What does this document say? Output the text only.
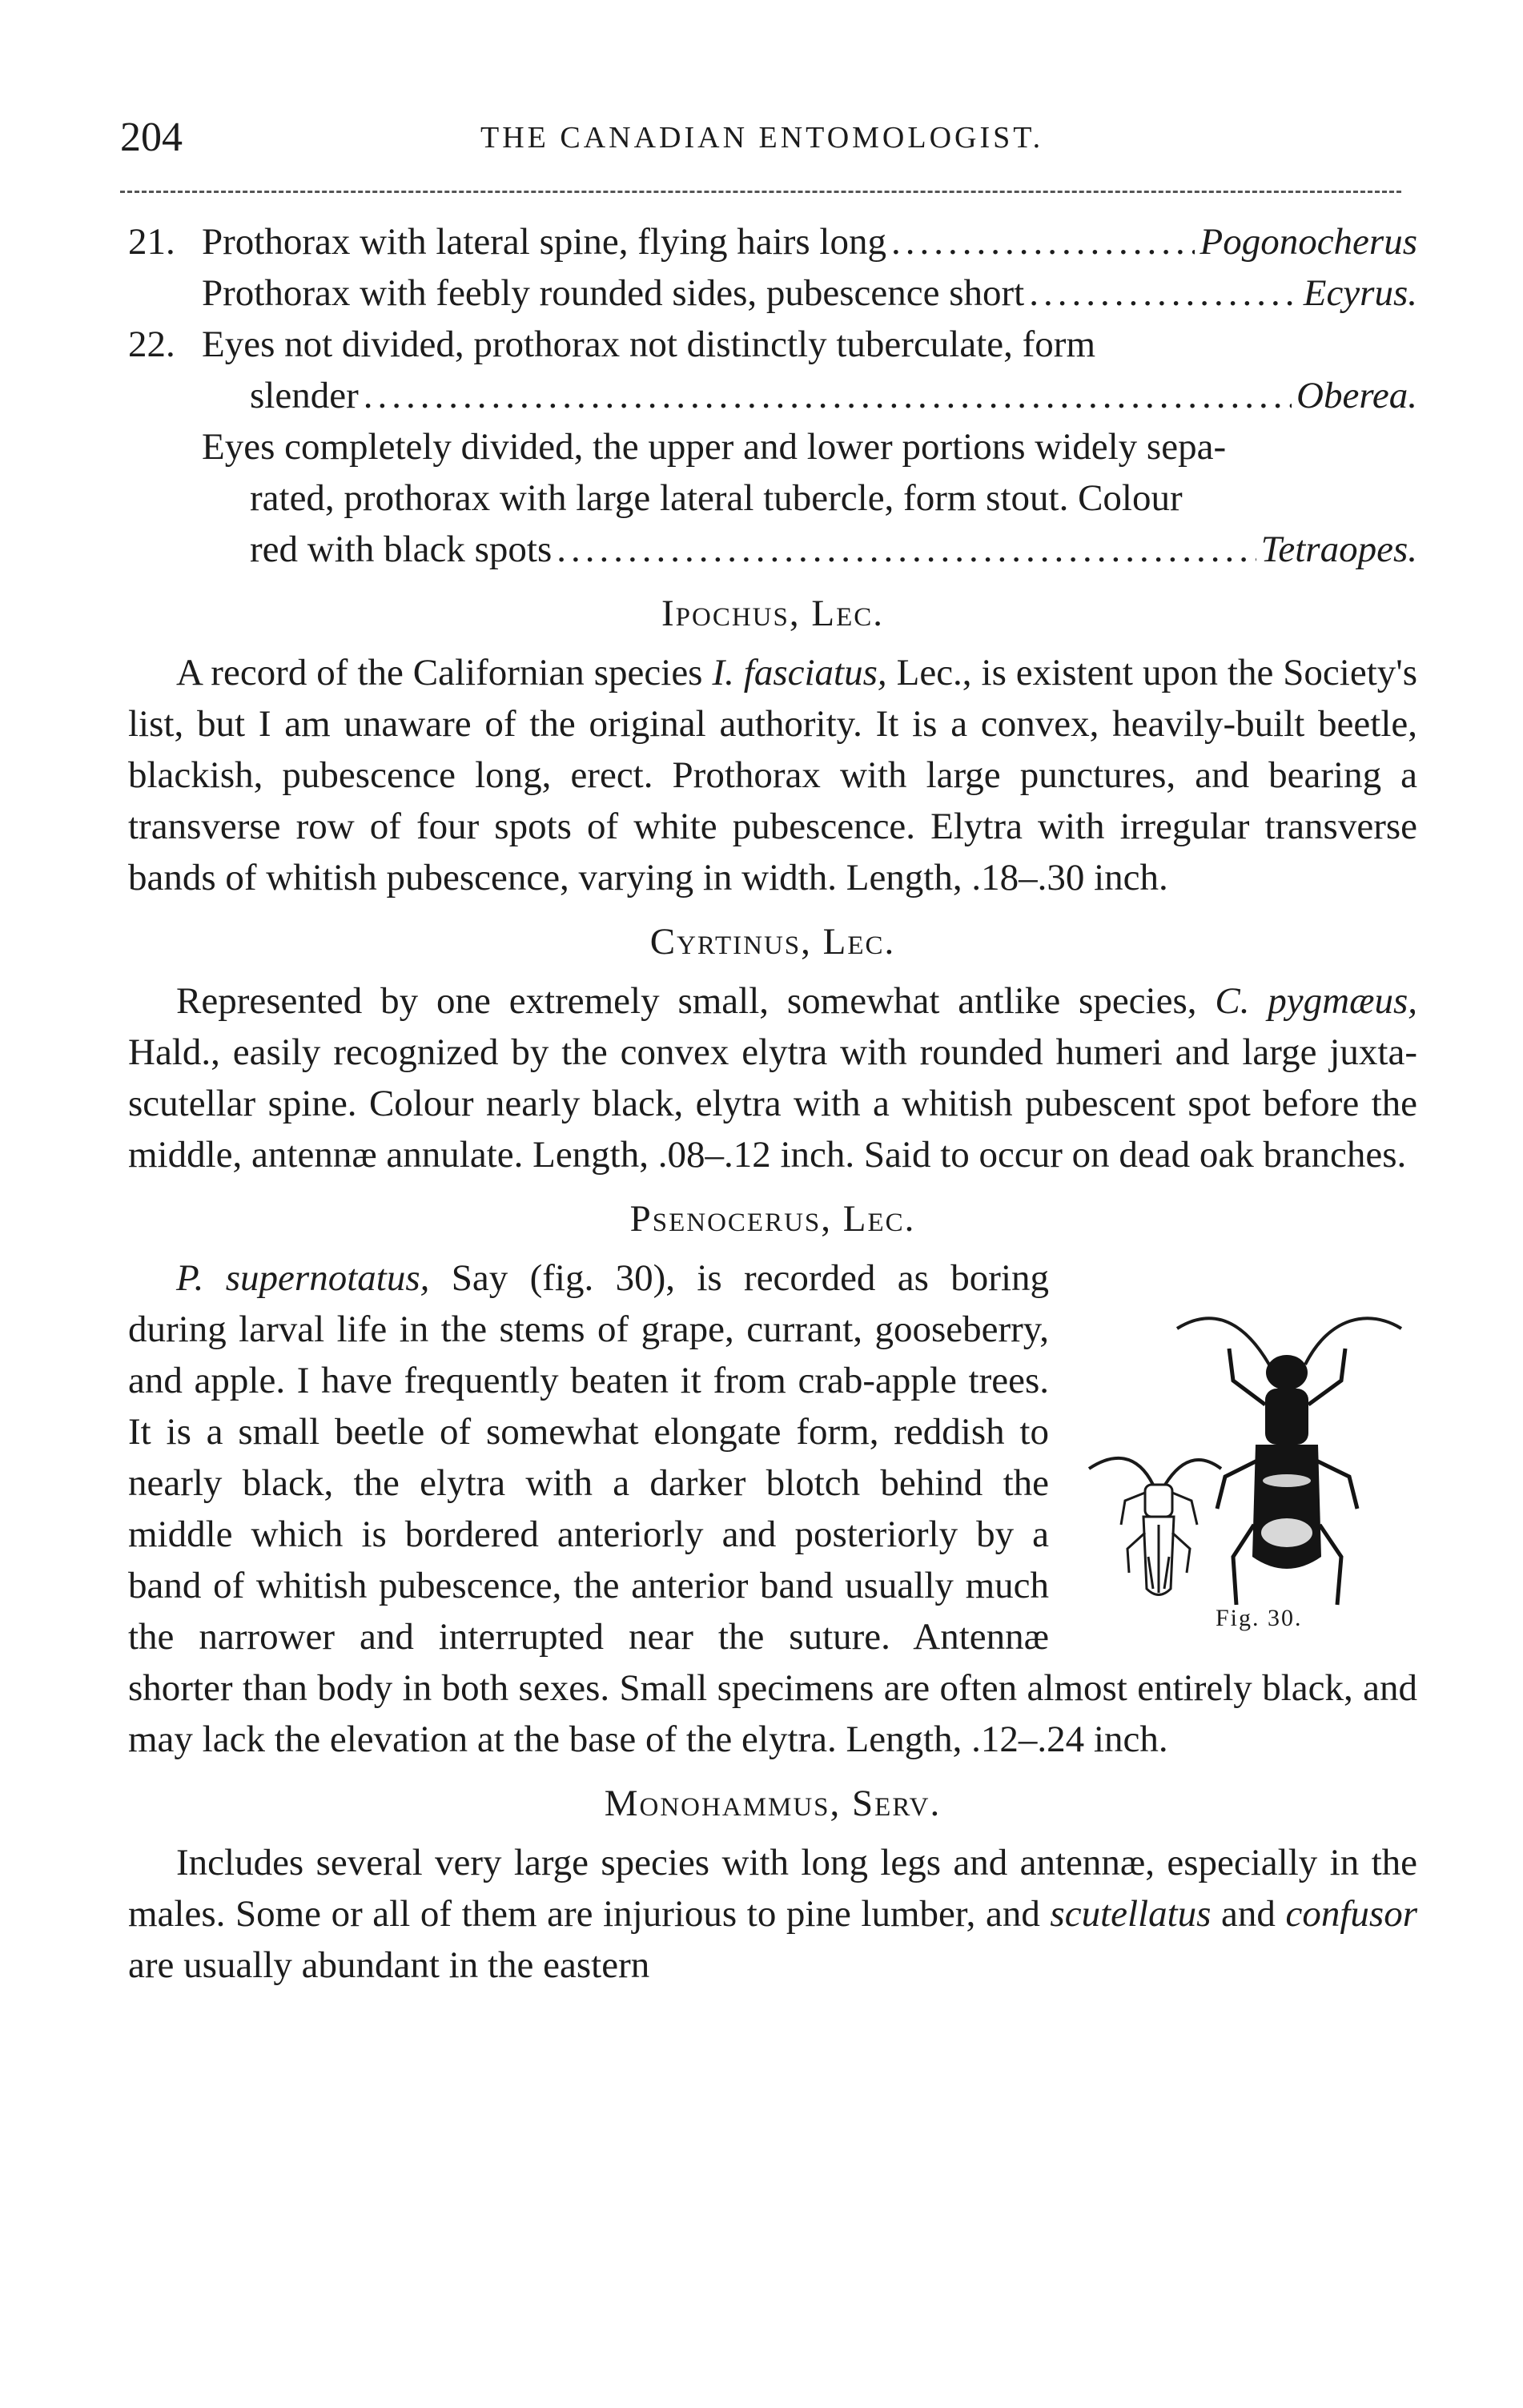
204	THE CANADIAN ENTOMOLOGIST.
21. Prothorax with lateral spine, flying hairs long .....	Pogonocherus
Prothorax with feebly rounded sides, pubescence short .....	Ecyrus.
22. Eyes not divided, prothorax not distinctly tuberculate, form
slender .....	Oberea.
Eyes completely divided, the upper and lower portions widely sepa-
rated, prothorax with large lateral tubercle, form stout. Colour
red with black spots .....	Tetraopes.
Ipochus, Lec.

A record of the Californian species I. fasciatus, Lec., is existent upon the Society's list, but I am unaware of the original authority. It is a convex, heavily-built beetle, blackish, pubescence long, erect. Prothorax with large punctures, and bearing a transverse row of four spots of white pubescence. Elytra with irregular transverse bands of whitish pubescence, varying in width. Length, .18–.30 inch.

Cyrtinus, Lec.

Represented by one extremely small, somewhat antlike species, C. pygmæus, Hald., easily recognized by the convex elytra with rounded humeri and large juxta-scutellar spine. Colour nearly black, elytra with a whitish pubescent spot before the middle, antennæ annulate. Length, .08–.12 inch. Said to occur on dead oak branches.

Psenocerus, Lec.

Fig. 30.
P. supernotatus, Say (fig. 30), is recorded as boring during larval life in the stems of grape, currant, gooseberry, and apple. I have frequently beaten it from crab-apple trees. It is a small beetle of somewhat elongate form, reddish to nearly black, the elytra with a darker blotch behind the middle which is bordered anteriorly and posteriorly by a band of whitish pubescence, the anterior band usually much the narrower and interrupted near the suture. Antennæ shorter than body in both sexes. Small specimens are often almost entirely black, and may lack the elevation at the base of the elytra. Length, .12–.24 inch.

Monohammus, Serv.

Includes several very large species with long legs and antennæ, especially in the males. Some or all of them are injurious to pine lumber, and scutellatus and confusor are usually abundant in the eastern
